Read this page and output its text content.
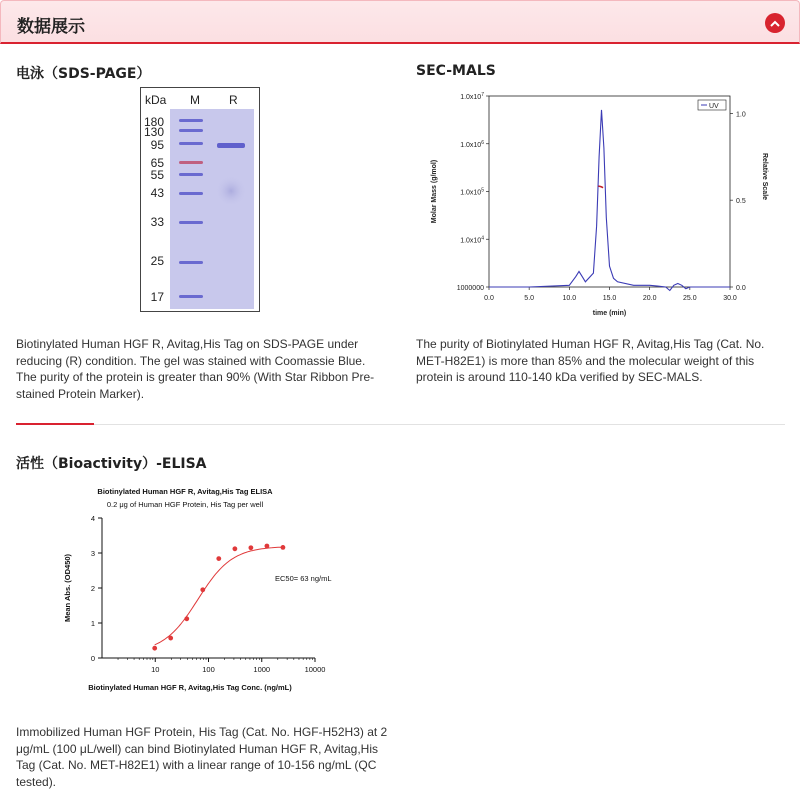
数据展示
电泳（SDS-PAGE）
kDa M R
180
130
95
65
55
43
33
25
17
Biotinylated Human HGF R, Avitag,His Tag on SDS-PAGE under reducing (R) condition. The gel was stained with Coomassie Blue. The purity of the protein is greater than 90% (With Star Ribbon Pre-stained Protein Marker).
SEC-MALS
0.0	5.0	10.0	15.0	20.0	25.0	30.0
1000000
$1.0x10^4$
$1.0x10^5$
$1.0x10^6$
$1.0x10^7$
0.0
0.5
1.0
time (min)
Molar Mass (g/mol)	Relative Scale
UV
The purity of Biotinylated Human HGF R, Avitag,His Tag (Cat. No. MET-H82E1) is more than 85% and the molecular weight of this protein is around 110-140 kDa verified by SEC-MALS.
活性（Bioactivity）-ELISA
Biotinylated Human HGF R, Avitag,His Tag ELISA
0.2 μg of Human HGF Protein, His Tag per well
0
1
2
3
4
10	100	1000	10000
Mean Abs. (OD450)
Biotinylated Human HGF R, Avitag,His Tag Conc. (ng/mL)
EC50= 63 ng/mL
Immobilized Human HGF Protein, His Tag (Cat. No. HGF-H52H3) at 2 μg/mL (100 μL/well) can bind Biotinylated Human HGF R, Avitag,His Tag (Cat. No. MET-H82E1) with a linear range of 10-156 ng/mL (QC tested).
